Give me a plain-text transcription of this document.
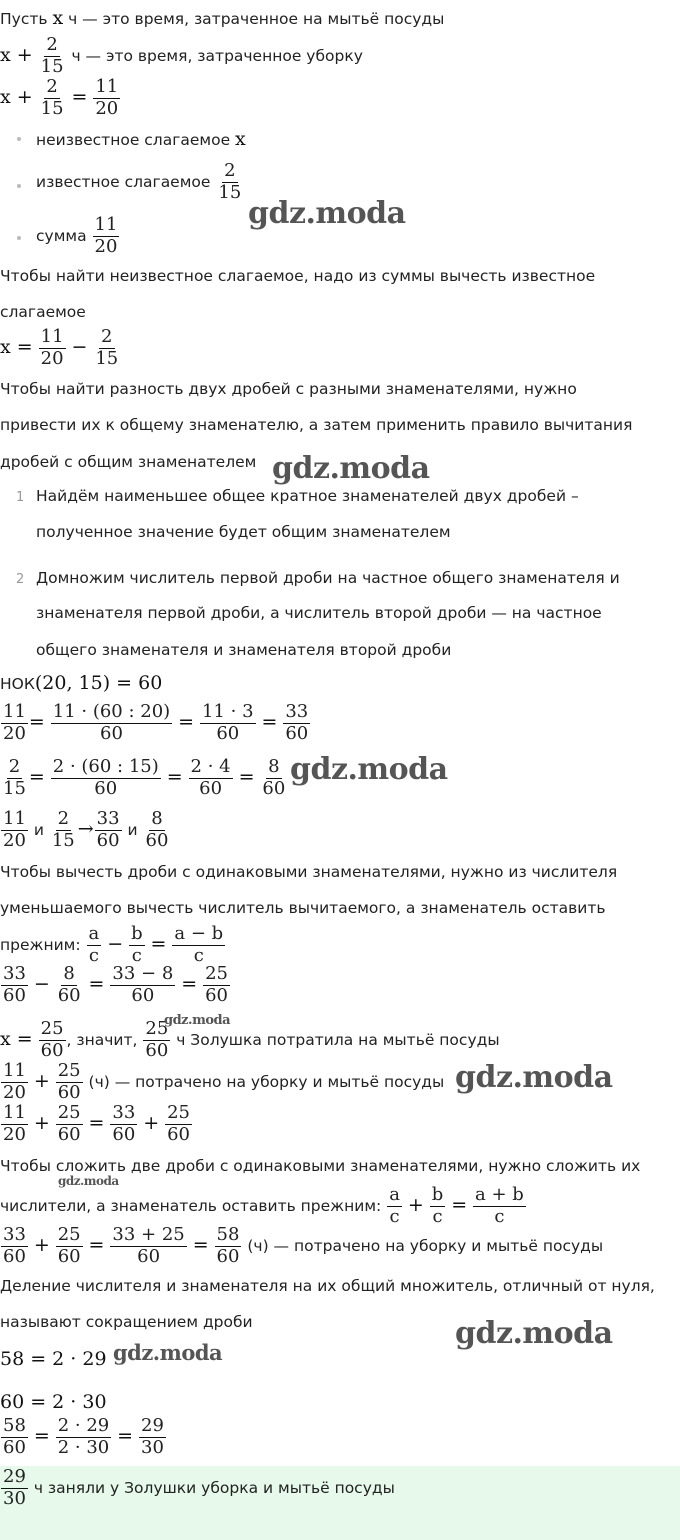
Пусть x ч — это время, затраченное на мытьё посуды
$x + \frac{2}{15}$ ч — это время, затраченное уборку
$x + \frac{2}{15} = \frac{11}{20}$
неизвестное слагаемое x
известное слагаемое $\frac{2}{15}$
сумма $\frac{11}{20}$
Чтобы найти неизвестное слагаемое, надо из суммы вычесть известное
слагаемое
$x = \frac{11}{20} - \frac{2}{15}$
Чтобы найти разность двух дробей с разными знаменателями, нужно
привести их к общему знаменателю, а затем применить правило вычитания
дробей с общим знаменателем
1 Найдём наименьшее общее кратное знаменателей двух дробей –
полученное значение будет общим знаменателем
2 Домножим числитель первой дроби на частное общего знаменателя и
знаменателя первой дроби, а числитель второй дроби — на частное
общего знаменателя и знаменателя второй дроби
НОК(20, 15) = 60
$\frac{11}{20} = \frac{11 \cdot (60 : 20)}{60} = \frac{11 \cdot 3}{60} = \frac{33}{60}$
$\frac{2}{15} = \frac{2 \cdot (60 : 15)}{60} = \frac{2 \cdot 4}{60} = \frac{8}{60}$
$\frac{11}{20}$ и $\frac{2}{15} \to \frac{33}{60}$ и $\frac{8}{60}$
Чтобы вычесть дроби с одинаковыми знаменателями, нужно из числителя
уменьшаемого вычесть числитель вычитаемого, а знаменатель оставить
прежним: $\frac{a}{c} - \frac{b}{c} = \frac{a - b}{c}$
$\frac{33}{60} - \frac{8}{60} = \frac{33 - 8}{60} = \frac{25}{60}$
$x = \frac{25}{60}$ , значит, $\frac{25}{60}$ ч Золушка потратила на мытьё посуды
$\frac{11}{20} + \frac{25}{60} (ч)$ — потрачено на уборку и мытьё посуды
$\frac{11}{20} + \frac{25}{60} = \frac{33}{60} + \frac{25}{60}$
Чтобы сложить две дроби с одинаковыми знаменателями, нужно сложить их
числители, а знаменатель оставить прежним: $\frac{a}{c} + \frac{b}{c} = \frac{a + b}{c}$
$\frac{33}{60} + \frac{25}{60} = \frac{33 + 25}{60} = \frac{58}{60} (ч)$ — потрачено на уборку и мытьё посуды
Деление числителя и знаменателя на их общий множитель, отличный от нуля,
называют сокращением дроби
58 = 2 · 29
60 = 2 · 30
$\frac{58}{60} = \frac{2 \cdot 29}{2 \cdot 30} = \frac{29}{30}$
$\frac{29}{30}$ ч заняли у Золушки уборка и мытьё посуды
gdz.moda
gdz.moda
gdz.moda
gdz.moda
gdz.moda
gdz.moda
gdz.moda
gdz.moda
